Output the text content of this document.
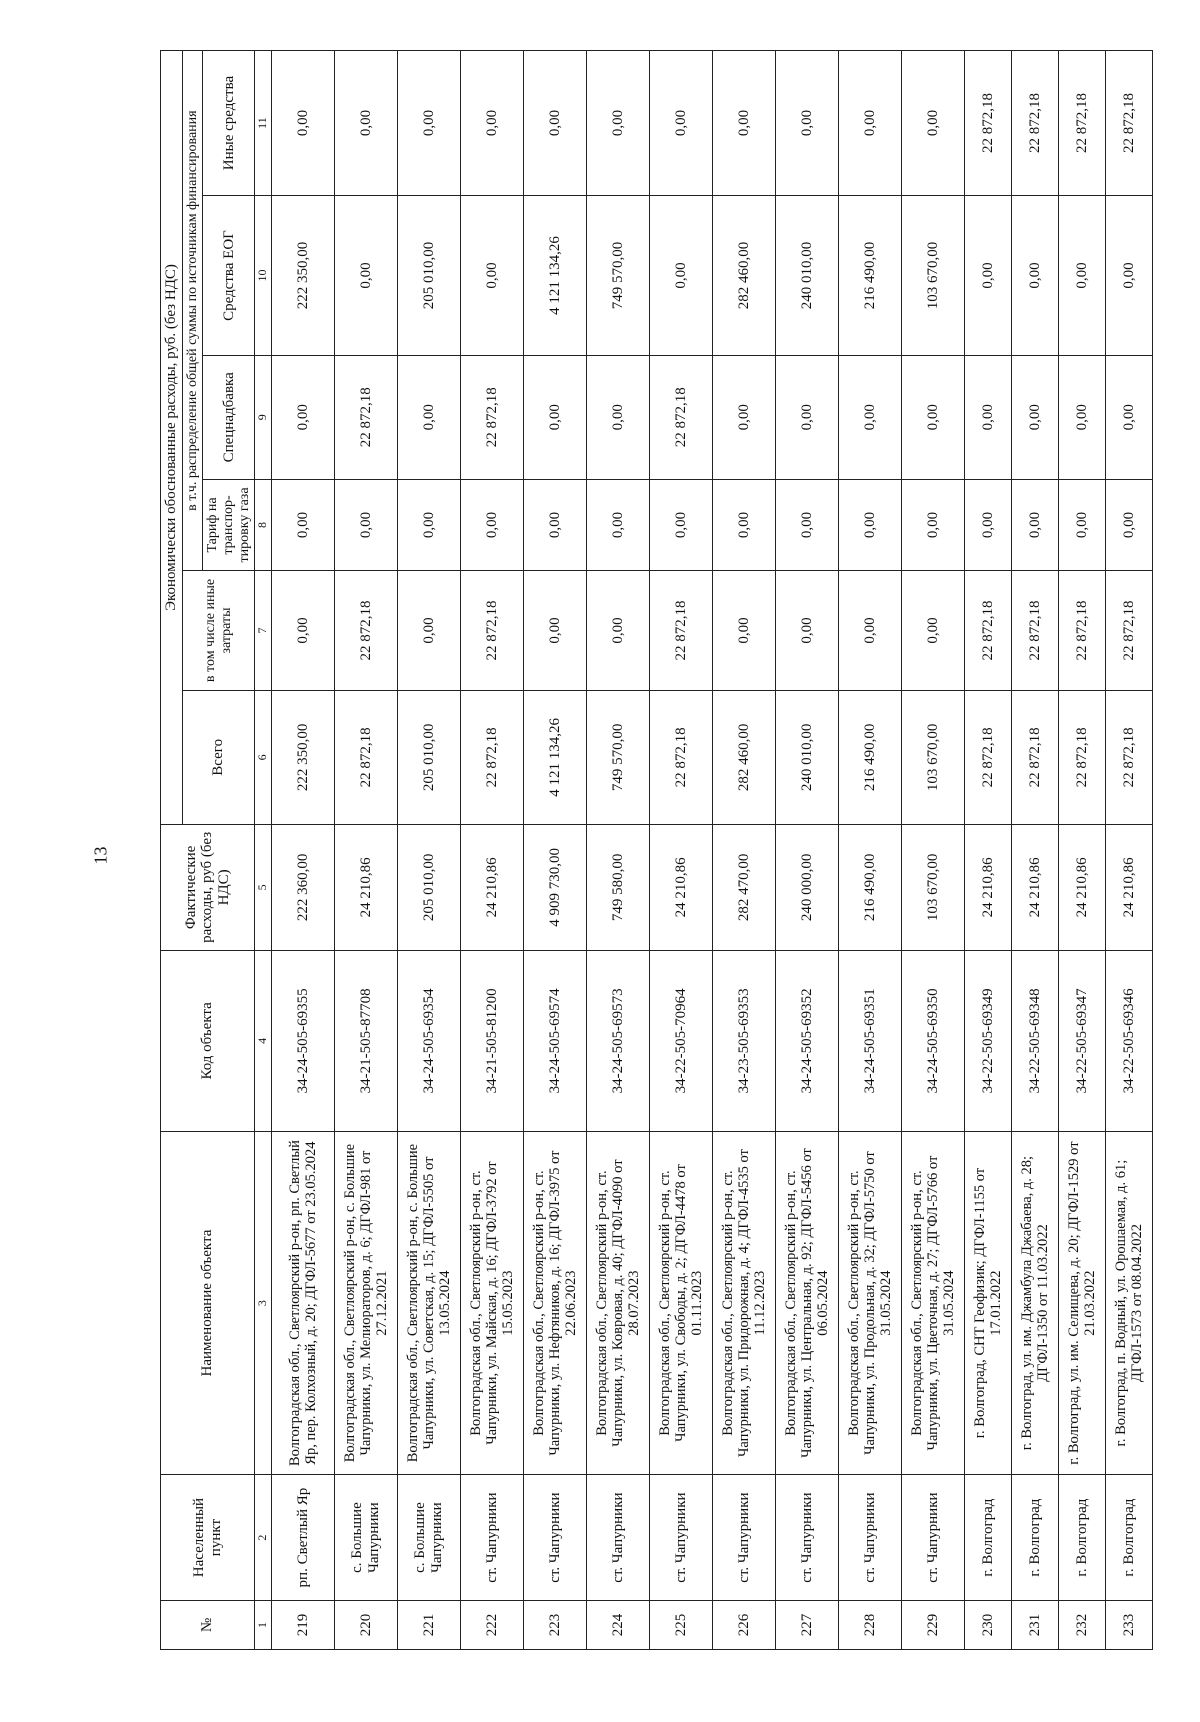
13
№	Населенный пункт	Наименование объекта	Код объекта	Фактические расходы, руб (без НДС)	Экономически обоснованные расходы, руб. (без НДС)					
					Всего	в том числе иные затраты	в т.ч. распределение общей суммы по источникам финансирования			
							Тариф на транспор-тировку газа	Спецнадбавка	Средства ЕОГ	Иные средства
1	2	3	4	5	6	7	8	9	10	11
219	рп. Светлый Яр	Волгоградская обл., Светлоярский р-он, рп. Светлый Яр, пер. Колхозный, д. 20; ДГФЛ-5677 от 23.05.2024	34-24-505-69355	222 360,00	222 350,00	0,00	0,00	0,00	222 350,00	0,00
220	с. Большие Чапурники	Волгоградская обл., Светлоярский р-он, с. Большие Чапурники, ул. Мелиораторов, д. 6; ДГФЛ-981 от 27.12.2021	34-21-505-87708	24 210,86	22 872,18	22 872,18	0,00	22 872,18	0,00	0,00
221	с. Большие Чапурники	Волгоградская обл., Светлоярский р-он, с. Большие Чапурники, ул. Советская, д. 15; ДГФЛ-5505 от 13.05.2024	34-24-505-69354	205 010,00	205 010,00	0,00	0,00	0,00	205 010,00	0,00
222	ст. Чапурники	Волгоградская обл., Светлоярский р-он, ст. Чапурники, ул. Майская, д. 16; ДГФЛ-3792 от 15.05.2023	34-21-505-81200	24 210,86	22 872,18	22 872,18	0,00	22 872,18	0,00	0,00
223	ст. Чапурники	Волгоградская обл., Светлоярский р-он, ст. Чапурники, ул. Нефтяников, д. 16; ДГФЛ-3975 от 22.06.2023	34-24-505-69574	4 909 730,00	4 121 134,26	0,00	0,00	0,00	4 121 134,26	0,00
224	ст. Чапурники	Волгоградская обл., Светлоярский р-он, ст. Чапурники, ул. Ковровая, д. 40; ДГФЛ-4090 от 28.07.2023	34-24-505-69573	749 580,00	749 570,00	0,00	0,00	0,00	749 570,00	0,00
225	ст. Чапурники	Волгоградская обл., Светлоярский р-он, ст. Чапурники, ул. Свободы, д. 2; ДГФЛ-4478 от 01.11.2023	34-22-505-70964	24 210,86	22 872,18	22 872,18	0,00	22 872,18	0,00	0,00
226	ст. Чапурники	Волгоградская обл., Светлоярский р-он, ст. Чапурники, ул. Придорожная, д. 4; ДГФЛ-4535 от 11.12.2023	34-23-505-69353	282 470,00	282 460,00	0,00	0,00	0,00	282 460,00	0,00
227	ст. Чапурники	Волгоградская обл., Светлоярский р-он, ст. Чапурники, ул. Центральная, д. 92; ДГФЛ-5456 от 06.05.2024	34-24-505-69352	240 000,00	240 010,00	0,00	0,00	0,00	240 010,00	0,00
228	ст. Чапурники	Волгоградская обл., Светлоярский р-он, ст. Чапурники, ул. Продольная, д. 32; ДГФЛ-5750 от 31.05.2024	34-24-505-69351	216 490,00	216 490,00	0,00	0,00	0,00	216 490,00	0,00
229	ст. Чапурники	Волгоградская обл., Светлоярский р-он, ст. Чапурники, ул. Цветочная, д. 27; ДГФЛ-5766 от 31.05.2024	34-24-505-69350	103 670,00	103 670,00	0,00	0,00	0,00	103 670,00	0,00
230	г. Волгоград	г. Волгоград, СНТ Геофизик; ДГФЛ-1155 от 17.01.2022	34-22-505-69349	24 210,86	22 872,18	22 872,18	0,00	0,00	0,00	22 872,18
231	г. Волгоград	г. Волгоград, ул. им. Джамбула Джабаева, д. 28; ДГФЛ-1350 от 11.03.2022	34-22-505-69348	24 210,86	22 872,18	22 872,18	0,00	0,00	0,00	22 872,18
232	г. Волгоград	г. Волгоград, ул. им. Селищева, д. 20; ДГФЛ-1529 от 21.03.2022	34-22-505-69347	24 210,86	22 872,18	22 872,18	0,00	0,00	0,00	22 872,18
233	г. Волгоград	г. Волгоград, п. Водный, ул. Орошаемая, д. 61; ДГФЛ-1573 от 08.04.2022	34-22-505-69346	24 210,86	22 872,18	22 872,18	0,00	0,00	0,00	22 872,18
